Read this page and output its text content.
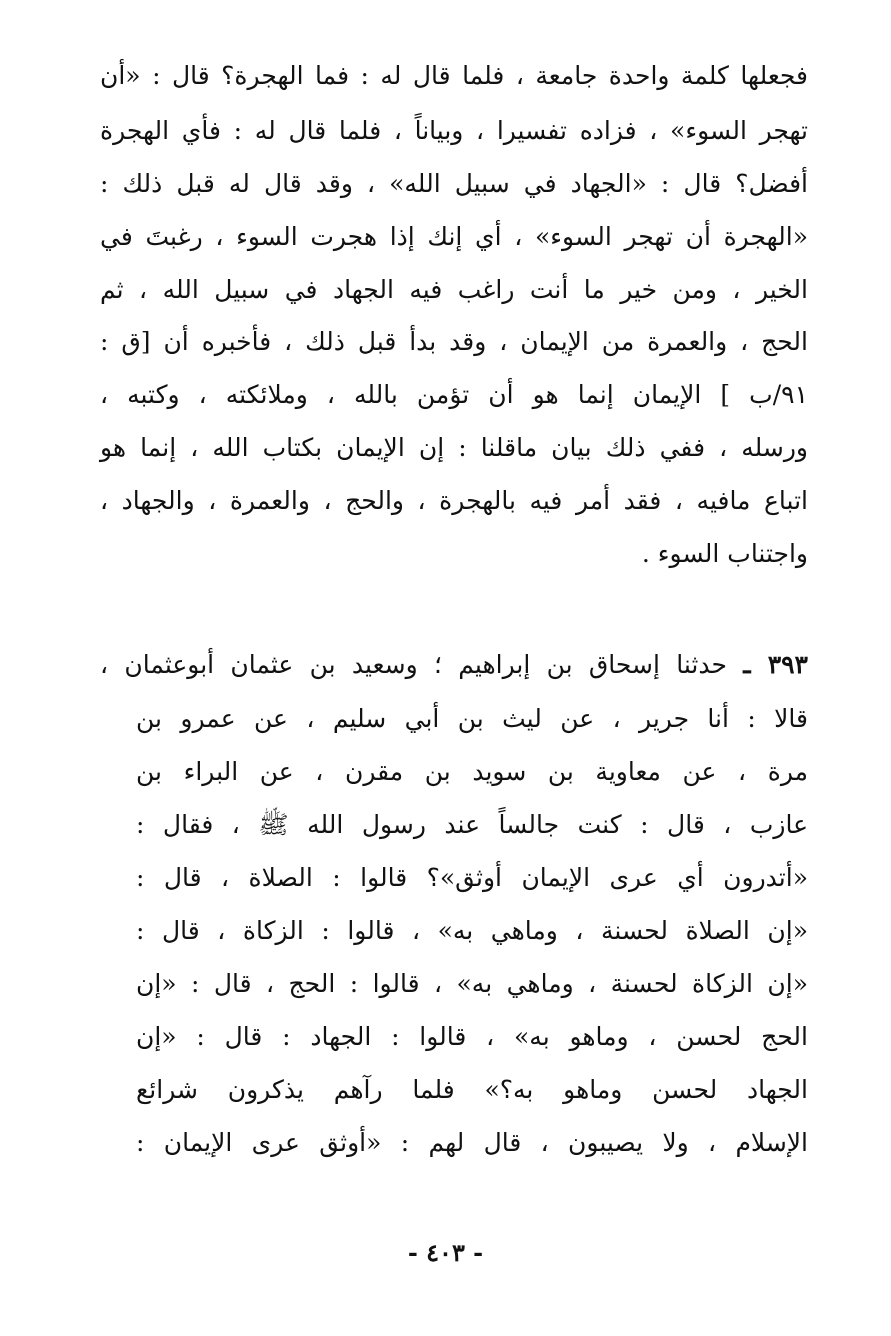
فجعلها كلمة واحدة جامعة ، فلما قال له : فما الهجرة؟ قال : «أن
تهجر السوء» ، فزاده تفسيرا ، وبياناً ، فلما قال له : فأي الهجرة
أفضل؟ قال : «الجهاد في سبيل الله» ، وقد قال له قبل ذلك :
«الهجرة أن تهجر السوء» ، أي إنك إذا هجرت السوء ، رغبتَ في
الخير ، ومن خير ما أنت راغب فيه الجهاد في سبيل الله ، ثم
الحج ، والعمرة من الإيمان ، وقد بدأ قبل ذلك ، فأخبره أن [ق :
٩١/ب ] الإيمان إنما هو أن تؤمن بالله ، وملائكته ، وكتبه ،
ورسله ، ففي ذلك بيان ماقلنا : إن الإيمان بكتاب الله ، إنما هو
اتباع مافيه ، فقد أمر فيه بالهجرة ، والحج ، والعمرة ، والجهاد ،
واجتناب السوء .
٣٩٣ ـ حدثنا إسحاق بن إبراهيم ؛ وسعيد بن عثمان أبوعثمان ،
قالا : أنا جرير ، عن ليث بن أبي سليم ، عن عمرو بن
مرة ، عن معاوية بن سويد بن مقرن ، عن البراء بن
عازب ، قال : كنت جالساً عند رسول الله ﷺ ، فقال :
«أتدرون أي عرى الإيمان أوثق»؟ قالوا : الصلاة ، قال :
«إن الصلاة لحسنة ، وماهي به» ، قالوا : الزكاة ، قال :
«إن الزكاة لحسنة ، وماهي به» ، قالوا : الحج ، قال : «إن
الحج لحسن ، وماهو به» ، قالوا : الجهاد : قال : «إن
الجهاد لحسن وماهو به؟» فلما رآهم يذكرون شرائع
الإسلام ، ولا يصيبون ، قال لهم : «أوثق عرى الإيمان :
- ٤٠٣ -
